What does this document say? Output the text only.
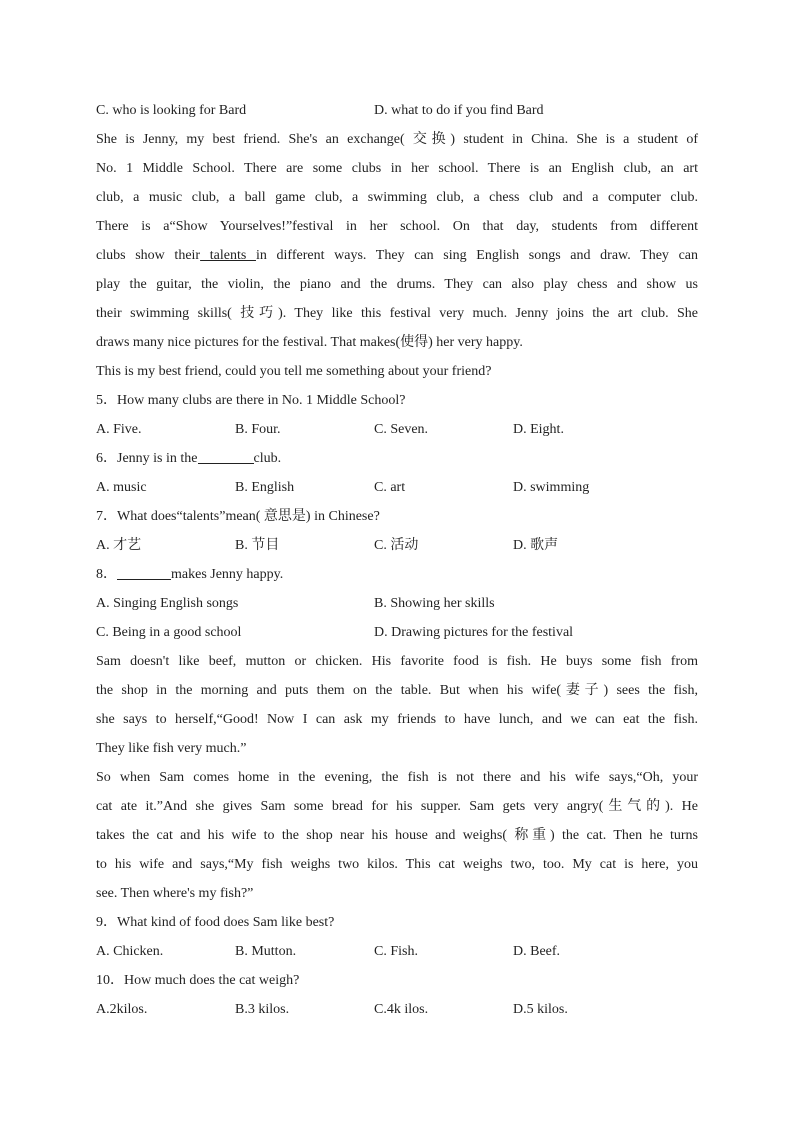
C. who is looking for Bard	D. what to do if you find Bard
She is Jenny, my best friend. She's an exchange( 交换) student in China. She is a student of
No. 1 Middle School. There are some clubs in her school. There is an English club, an art
club, a music club, a ball game club, a swimming club, a chess club and a computer club.
There is a“Show Yourselves!”festival in her school. On that day, students from different
clubs show their talents in different ways. They can sing English songs and draw. They can
play the guitar, the violin, the piano and the drums. They can also play chess and show us
their swimming skills( 技巧). They like this festival very much. Jenny joins the art club. She
draws many nice pictures for the festival. That makes(使得) her very happy.
This is my best friend, could you tell me something about your friend?
5．How many clubs are there in No. 1 Middle School?
A. Five.	B. Four.	C. Seven.	D. Eight.
6．Jenny is in the	club.
A. music	B. English	C. art	D. swimming
7．What does“talents”mean( 意思是) in Chinese?
A. 才艺	B. 节目	C. 活动	D. 歌声
8．	makes Jenny happy.
A. Singing English songs	B. Showing her skills
C. Being in a good school	D. Drawing pictures for the festival
Sam doesn't like beef, mutton or chicken. His favorite food is fish. He buys some fish from
the shop in the morning and puts them on the table. But when his wife(妻子) sees the fish,
she says to herself,“Good! Now I can ask my friends to have lunch, and we can eat the fish.
They like fish very much.”
So when Sam comes home in the evening, the fish is not there and his wife says,“Oh, your
cat ate it.”And she gives Sam some bread for his supper. Sam gets very angry(生气的). He
takes the cat and his wife to the shop near his house and weighs( 称重) the cat. Then he turns
to his wife and says,“My fish weighs two kilos. This cat weighs two, too. My cat is here, you
see. Then where's my fish?”
9．What kind of food does Sam like best?
A. Chicken.	B. Mutton.	C. Fish.	D. Beef.
10．How much does the cat weigh?
A.2kilos.	B.3 kilos.	C.4k ilos.	D.5 kilos.
